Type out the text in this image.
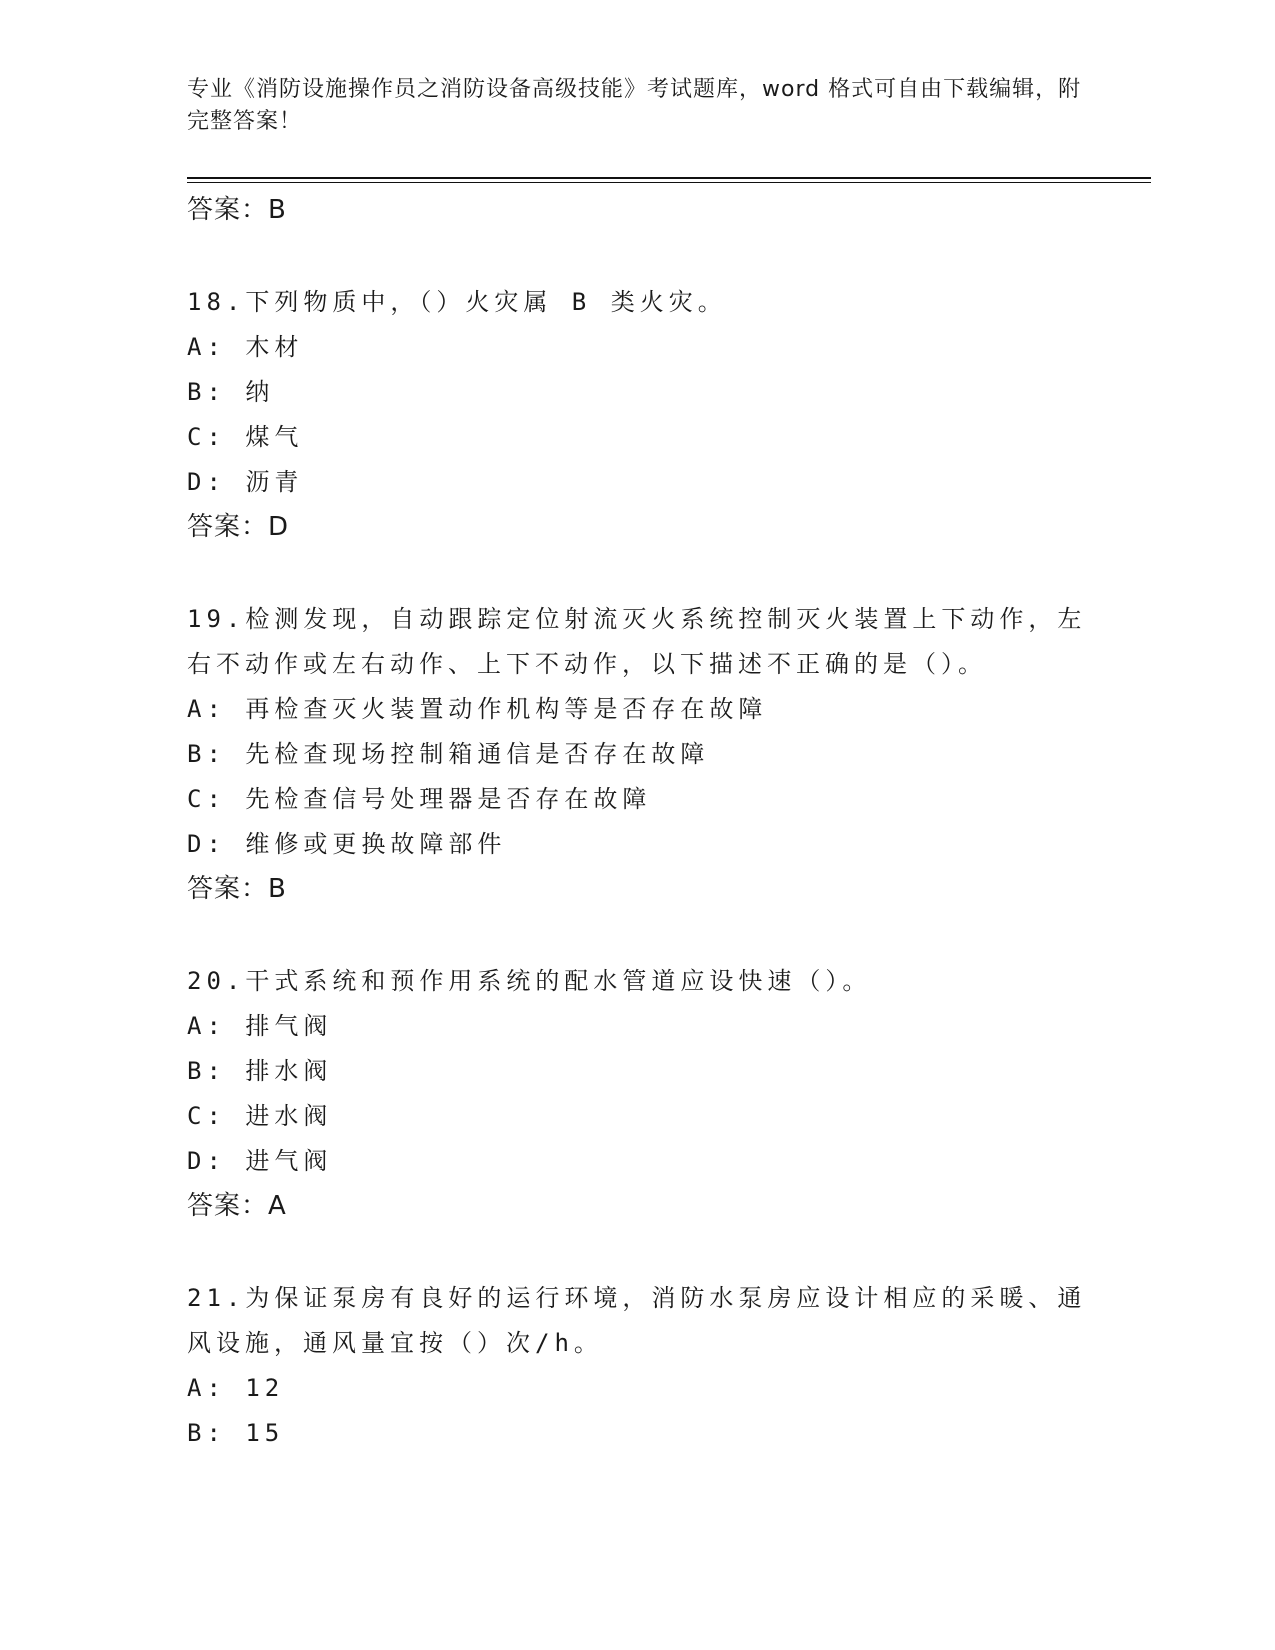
专业《消防设施操作员之消防设备高级技能》考试题库，word 格式可自由下载编辑，附完整答案！
答案：B
18.下列物质中，（）火灾属 B 类火灾。
A: 木材
B: 纳
C: 煤气
D: 沥青
答案：D
19.检测发现，自动跟踪定位射流灭火系统控制灭火装置上下动作，左右不动作或左右动作、上下不动作，以下描述不正确的是（）。
A: 再检查灭火装置动作机构等是否存在故障
B: 先检查现场控制箱通信是否存在故障
C: 先检查信号处理器是否存在故障
D: 维修或更换故障部件
答案：B
20.干式系统和预作用系统的配水管道应设快速（）。
A: 排气阀
B: 排水阀
C: 进水阀
D: 进气阀
答案：A
21.为保证泵房有良好的运行环境，消防水泵房应设计相应的采暖、通风设施，通风量宜按（）次/h。
A: 12
B: 15
